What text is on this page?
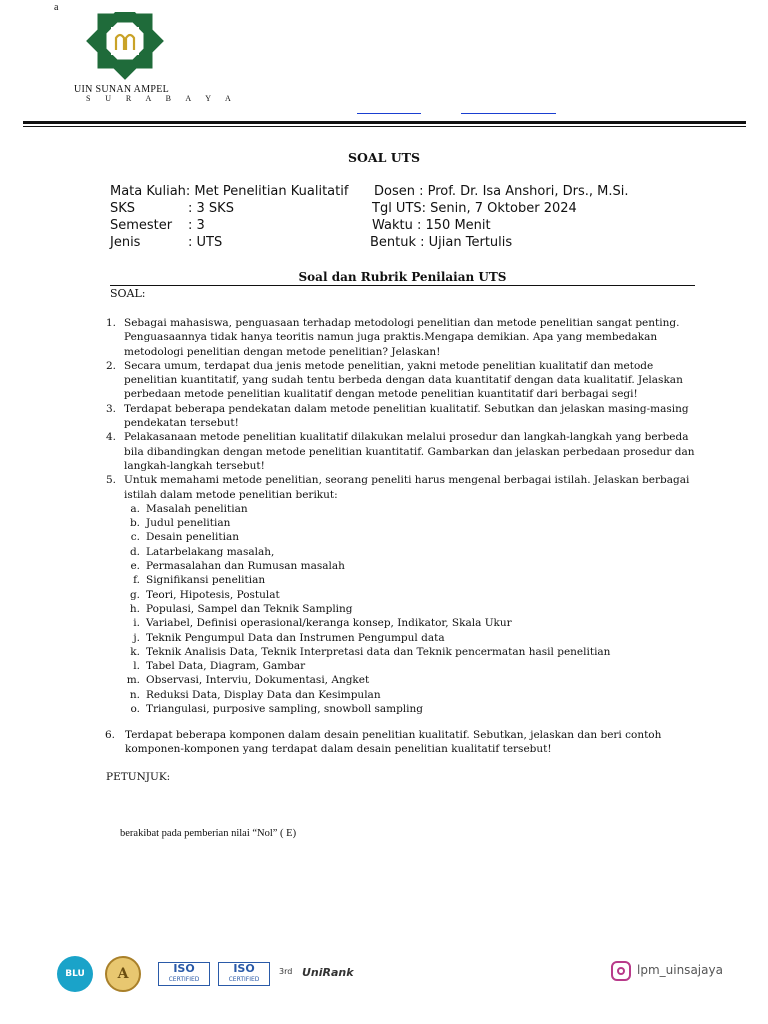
a
UIN SUNAN AMPEL
S U R A B A Y A
SOAL UTS
Mata Kuliah: Met Penelitian Kualitatif Dosen : Prof. Dr. Isa Anshori, Drs., M.Si.
SKS	: 3 SKS	Tgl UTS: Senin, 7 Oktober 2024
Semester : 3	Waktu : 150 Menit
Jenis	: UTS	Bentuk : Ujian Tertulis
Soal dan Rubrik Penilaian UTS
SOAL:
1. Sebagai mahasiswa, penguasaan terhadap metodologi penelitian dan metode penelitian sangat penting. Penguasaannya tidak hanya teoritis namun juga praktis.Mengapa demikian. Apa yang membedakan metodologi penelitian dengan metode penelitian? Jelaskan!
2. Secara umum, terdapat dua jenis metode penelitian, yakni metode penelitian kualitatif dan metode penelitian kuantitatif, yang sudah tentu berbeda dengan data kuantitatif dengan data kualitatif. Jelaskan perbedaan metode penelitian kualitatif dengan metode penelitian kuantitatif dari berbagai segi!
3. Terdapat beberapa pendekatan dalam metode penelitian kualitatif. Sebutkan dan jelaskan masing-masing pendekatan tersebut!
4. Pelakasanaan metode penelitian kualitatif dilakukan melalui prosedur dan langkah-langkah yang berbeda bila dibandingkan dengan metode penelitian kuantitatif. Gambarkan dan jelaskan perbedaan prosedur dan langkah-langkah tersebut!
5. Untuk memahami metode penelitian, seorang peneliti harus mengenal berbagai istilah. Jelaskan berbagai istilah dalam metode penelitian berikut:
a. Masalah penelitian
b. Judul penelitian
c. Desain penelitian
d. Latarbelakang masalah,
e. Permasalahan dan Rumusan masalah
f. Signifikansi penelitian
g. Teori, Hipotesis, Postulat
h. Populasi, Sampel dan Teknik Sampling
i. Variabel, Definisi operasional/keranga konsep, Indikator, Skala Ukur
j. Teknik Pengumpul Data dan Instrumen Pengumpul data
k. Teknik Analisis Data, Teknik Interpretasi data dan Teknik pencermatan hasil penelitian
l. Tabel Data, Diagram, Gambar
m. Observasi, Interviu, Dokumentasi, Angket
n. Reduksi Data, Display Data dan Kesimpulan
o. Triangulasi, purposive sampling, snowboll sampling
6. Terdapat beberapa komponen dalam desain penelitian kualitatif. Sebutkan, jelaskan dan beri contoh komponen-komponen yang terdapat dalam desain penelitian kualitatif tersebut!
PETUNJUK:
berakibat pada pemberian nilai “Nol” ( E)
BLU A	ISO
CERTIFIED
ISO
CERTIFIED
3rd UniRank	lpm_uinsajaya
